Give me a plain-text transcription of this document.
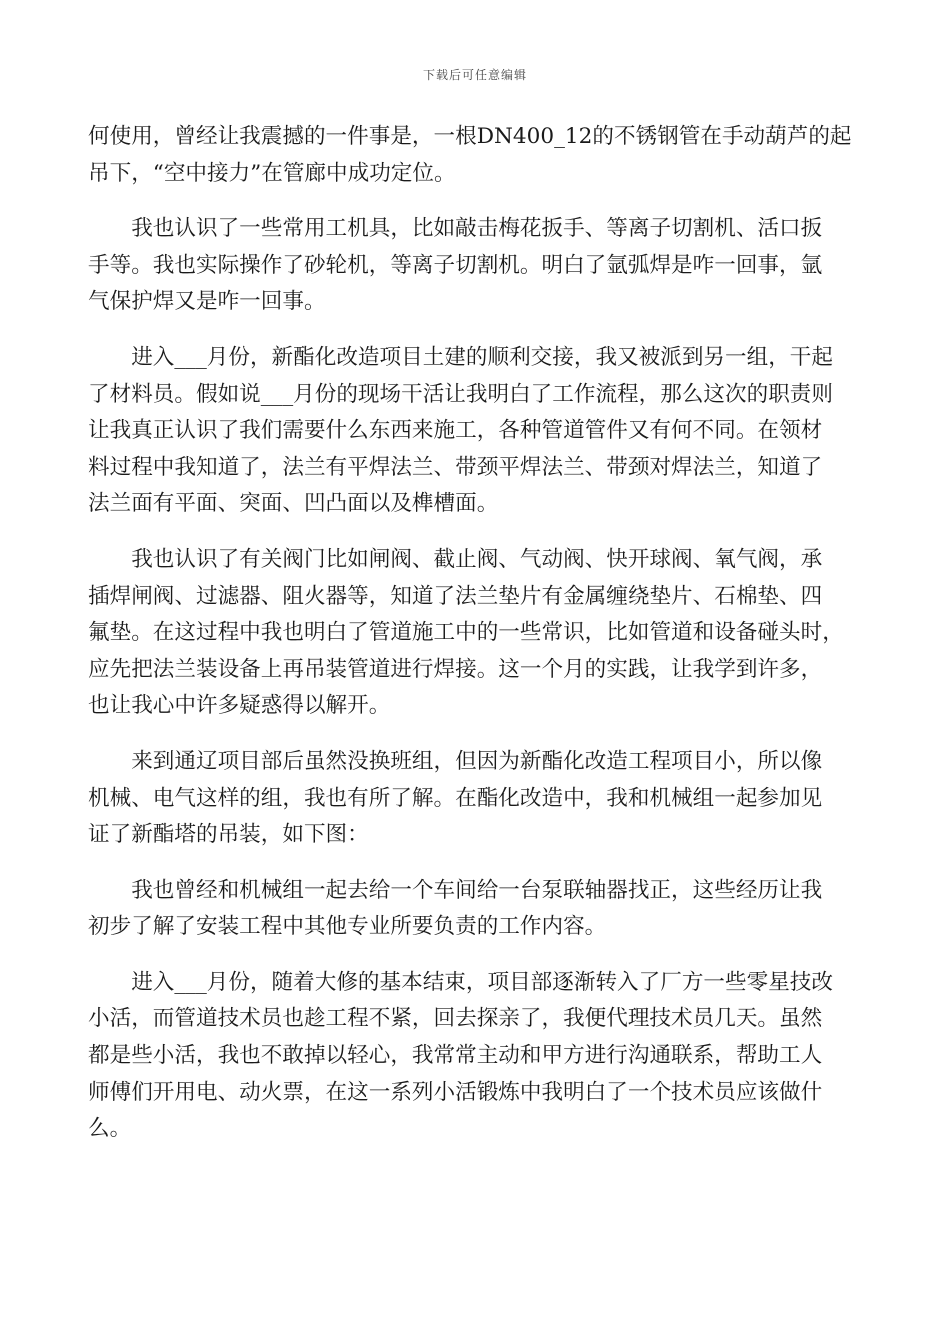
下载后可任意编辑

何使用，曾经让我震撼的一件事是，一根DN400_12的不锈钢管在手动葫芦的起
吊下，“空中接力”在管廊中成功定位。

我也认识了一些常用工机具，比如敲击梅花扳手、等离子切割机、活口扳
手等。我也实际操作了砂轮机，等离子切割机。明白了氩弧焊是咋一回事，氩
气保护焊又是咋一回事。

进入___月份，新酯化改造项目土建的顺利交接，我又被派到另一组，干起
了材料员。假如说___月份的现场干活让我明白了工作流程，那么这次的职责则
让我真正认识了我们需要什么东西来施工，各种管道管件又有何不同。在领材
料过程中我知道了，法兰有平焊法兰、带颈平焊法兰、带颈对焊法兰，知道了
法兰面有平面、突面、凹凸面以及榫槽面。

我也认识了有关阀门比如闸阀、截止阀、气动阀、快开球阀、氧气阀，承
插焊闸阀、过滤器、阻火器等，知道了法兰垫片有金属缠绕垫片、石棉垫、四
氟垫。在这过程中我也明白了管道施工中的一些常识，比如管道和设备碰头时，
应先把法兰装设备上再吊装管道进行焊接。这一个月的实践，让我学到许多，
也让我心中许多疑惑得以解开。

来到通辽项目部后虽然没换班组，但因为新酯化改造工程项目小，所以像
机械、电气这样的组，我也有所了解。在酯化改造中，我和机械组一起参加见
证了新酯塔的吊装，如下图：

我也曾经和机械组一起去给一个车间给一台泵联轴器找正，这些经历让我
初步了解了安装工程中其他专业所要负责的工作内容。

进入___月份，随着大修的基本结束，项目部逐渐转入了厂方一些零星技改
小活，而管道技术员也趁工程不紧，回去探亲了，我便代理技术员几天。虽然
都是些小活，我也不敢掉以轻心，我常常主动和甲方进行沟通联系，帮助工人
师傅们开用电、动火票，在这一系列小活锻炼中我明白了一个技术员应该做什
么。
